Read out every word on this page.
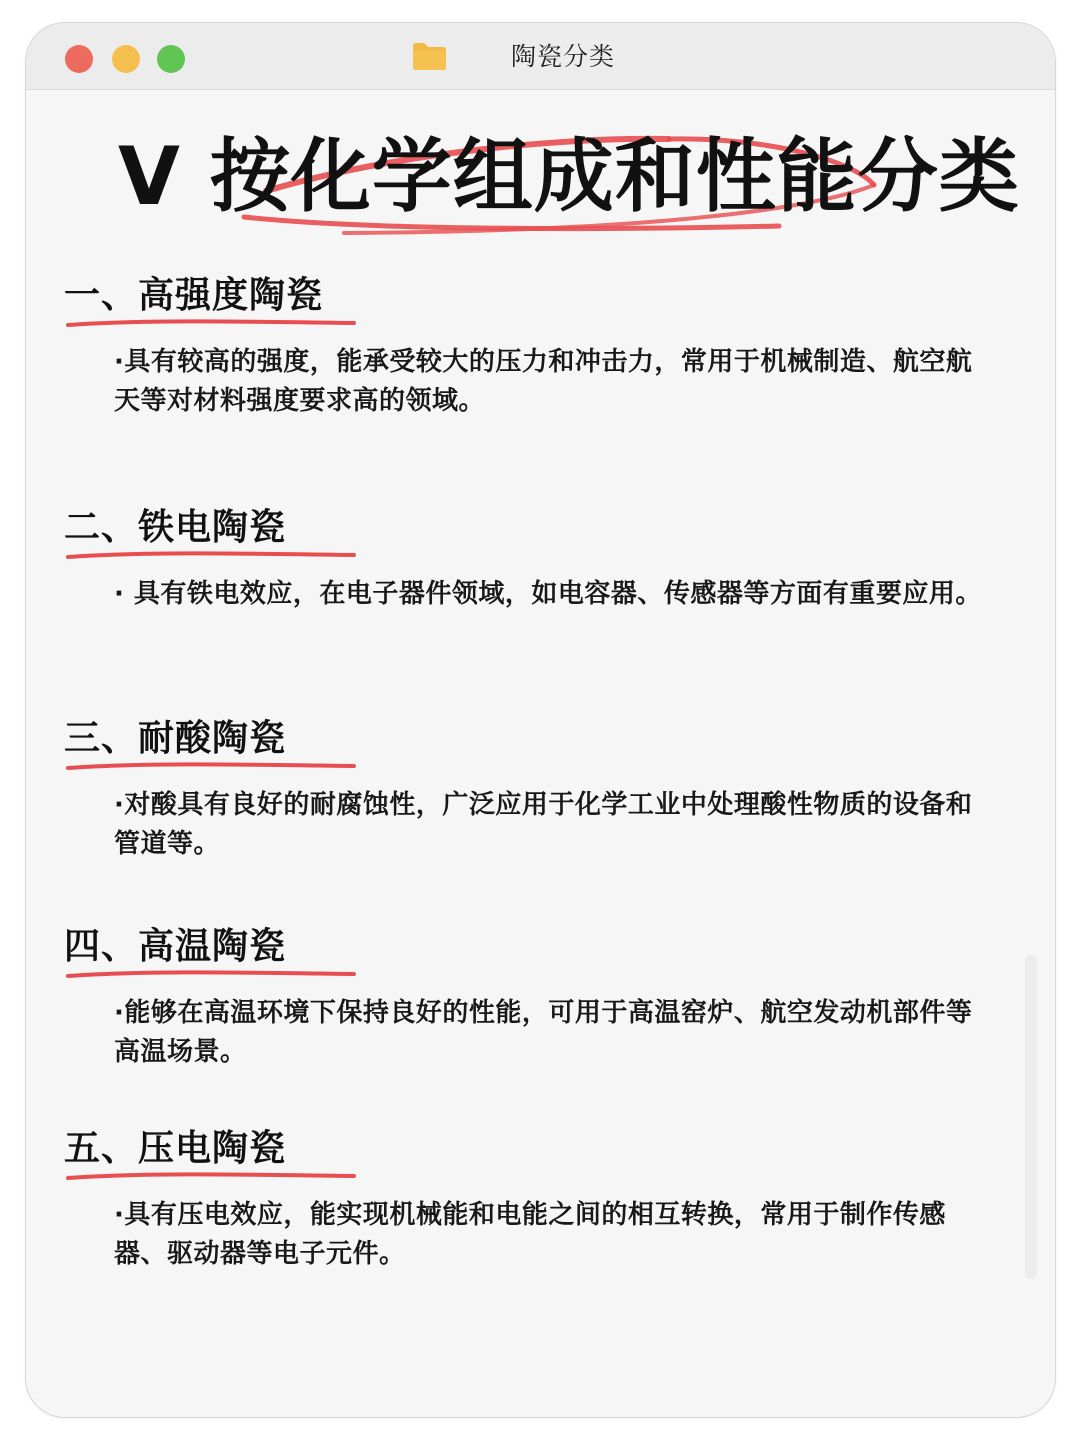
陶瓷分类
V 按化学组成和性能分类
一、高强度陶瓷
·具有较高的强度，能承受较大的压力和冲击力，常用于机械制造、航空航天等对材料强度要求高的领域。
二、铁电陶瓷
· 具有铁电效应，在电子器件领域，如电容器、传感器等方面有重要应用。
三、耐酸陶瓷
·对酸具有良好的耐腐蚀性，广泛应用于化学工业中处理酸性物质的设备和管道等。
四、高温陶瓷
·能够在高温环境下保持良好的性能，可用于高温窑炉、航空发动机部件等高温场景。
五、压电陶瓷
·具有压电效应，能实现机械能和电能之间的相互转换，常用于制作传感器、驱动器等电子元件。
